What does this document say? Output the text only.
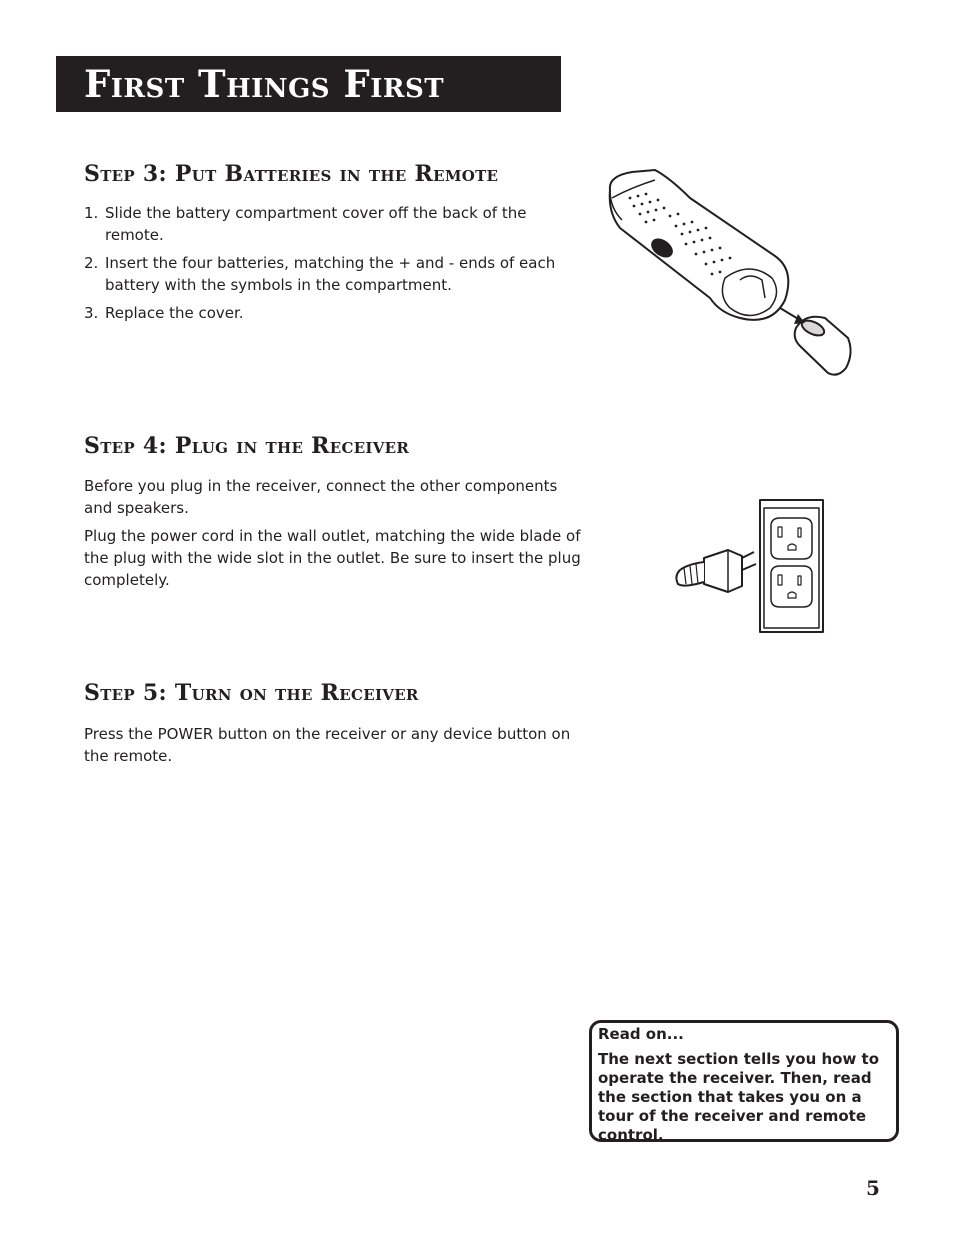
First Things First
Step 3: Put Batteries in the Remote
1. Slide the battery compartment cover off the back of the remote.
2. Insert the four batteries, matching the + and - ends of each battery with the symbols in the compartment.
3. Replace the cover.
Step 4: Plug in the Receiver

Before you plug in the receiver, connect the other components and speakers.

Plug the power cord in the wall outlet, matching the wide blade of the plug with the wide slot in the outlet. Be sure to insert the plug completely.

Step 5: Turn on the Receiver

Press the POWER button on the receiver or any device button on the remote.

Read on...

The next section tells you how to operate the receiver. Then, read the section that takes you on a tour of the receiver and remote control.

5
